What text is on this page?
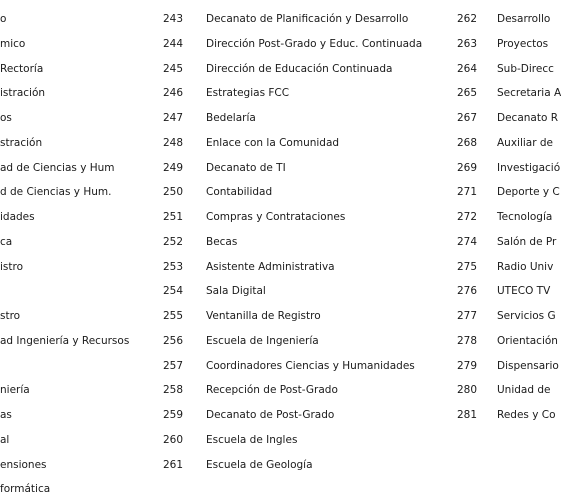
o
mico
Rectoría
istración
os
stración
ad de Ciencias y Hum
d de Ciencias y Hum.
idades
ca
istro
stro
ad Ingeniería y Recursos
niería
as
al
ensiones
formática
243 Decanato de Planificación y Desarrollo
244 Dirección Post-Grado y Educ. Continuada
245 Dirección de Educación Continuada
246 Estrategias FCC
247 Bedelaría
248 Enlace con la Comunidad
249 Decanato de TI
250 Contabilidad
251 Compras y Contrataciones
252 Becas
253 Asistente Administrativa
254 Sala Digital
255 Ventanilla de Registro
256 Escuela de Ingeniería
257 Coordinadores Ciencias y Humanidades
258 Recepción de Post-Grado
259 Decanato de Post-Grado
260 Escuela de Ingles
261 Escuela de Geología
262 Desarrollo
263 Proyectos
264 Sub-Direcc
265 Secretaria A
267 Decanato R
268 Auxiliar de
269 Investigació
271 Deporte y C
272 Tecnología
274 Salón de Pr
275 Radio Univ
276 UTECO TV
277 Servicios G
278 Orientación
279 Dispensario
280 Unidad de
281 Redes y Co
